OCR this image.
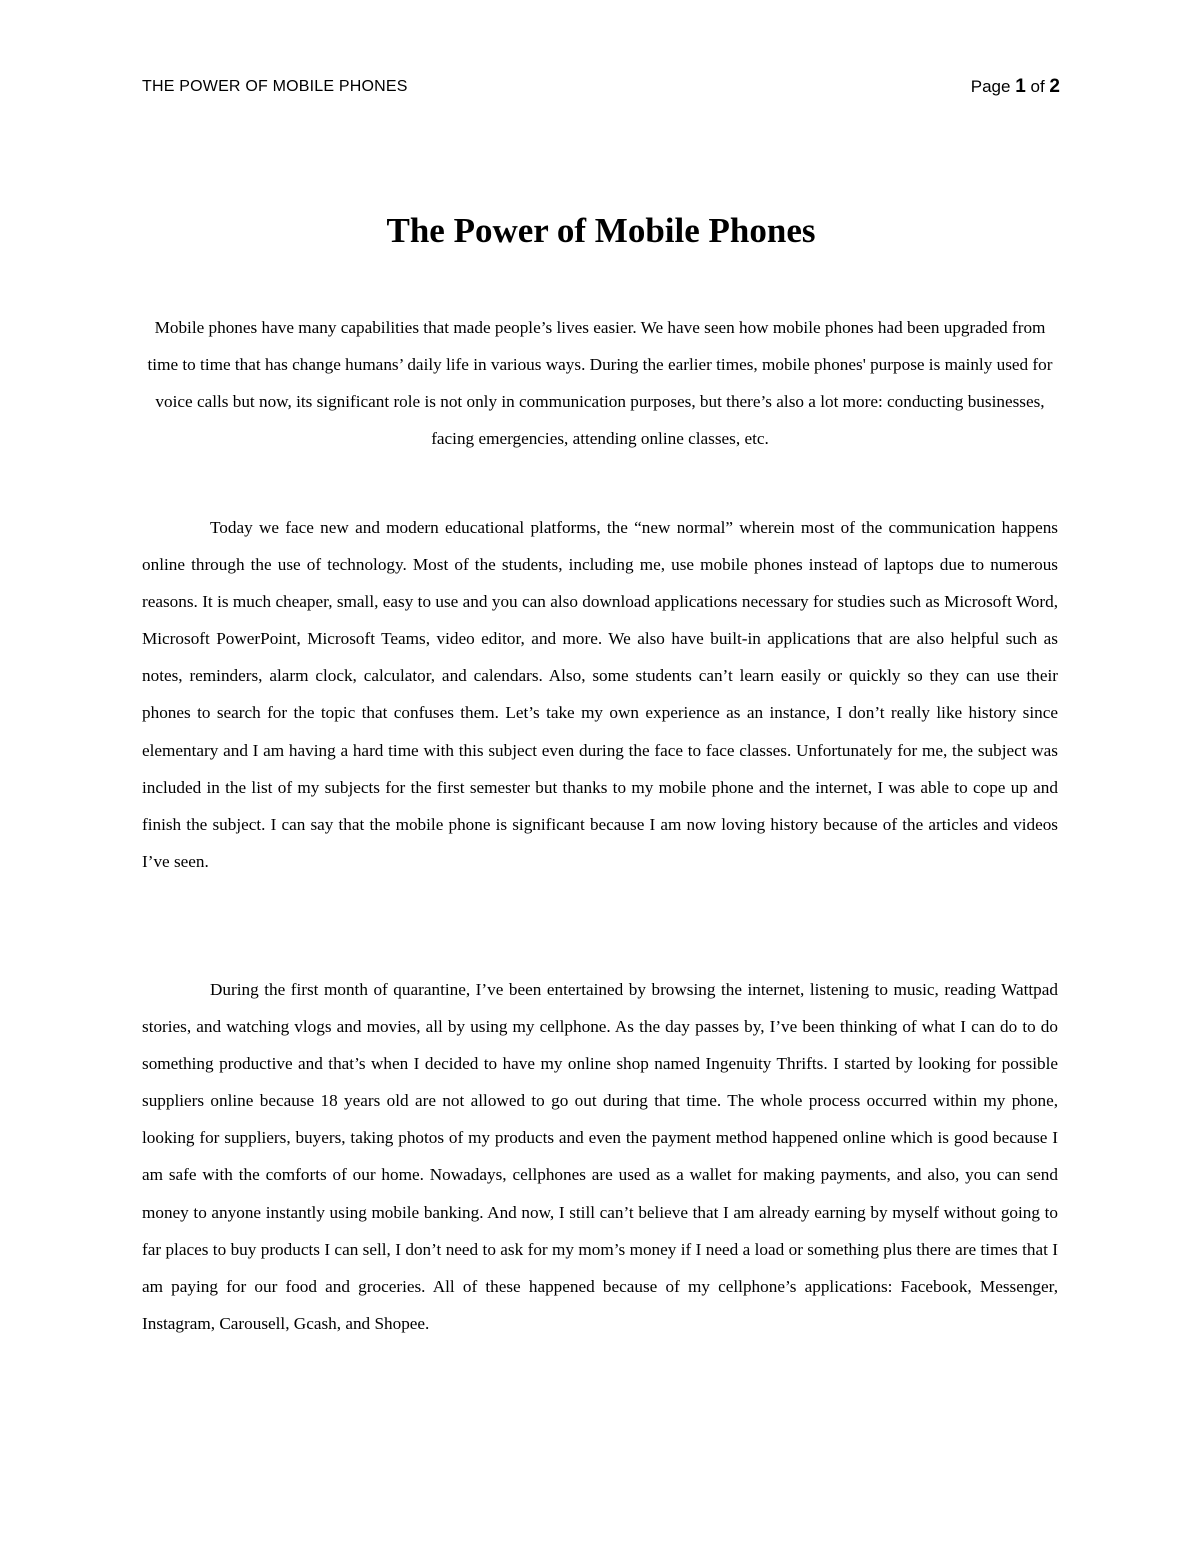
THE POWER OF MOBILE PHONES	Page 1 of 2
The Power of Mobile Phones

Mobile phones have many capabilities that made people’s lives easier. We have seen how mobile phones had been upgraded from time to time that has change humans’ daily life in various ways. During the earlier times, mobile phones' purpose is mainly used for voice calls but now, its significant role is not only in communication purposes, but there’s also a lot more: conducting businesses, facing emergencies, attending online classes, etc.

Today we face new and modern educational platforms, the “new normal” wherein most of the communication happens online through the use of technology. Most of the students, including me, use mobile phones instead of laptops due to numerous reasons. It is much cheaper, small, easy to use and you can also download applications necessary for studies such as Microsoft Word, Microsoft PowerPoint, Microsoft Teams, video editor, and more. We also have built-in applications that are also helpful such as notes, reminders, alarm clock, calculator, and calendars. Also, some students can’t learn easily or quickly so they can use their phones to search for the topic that confuses them. Let’s take my own experience as an instance, I don’t really like history since elementary and I am having a hard time with this subject even during the face to face classes. Unfortunately for me, the subject was included in the list of my subjects for the first semester but thanks to my mobile phone and the internet, I was able to cope up and finish the subject. I can say that the mobile phone is significant because I am now loving history because of the articles and videos I’ve seen.

During the first month of quarantine, I’ve been entertained by browsing the internet, listening to music, reading Wattpad stories, and watching vlogs and movies, all by using my cellphone. As the day passes by, I’ve been thinking of what I can do to do something productive and that’s when I decided to have my online shop named Ingenuity Thrifts. I started by looking for possible suppliers online because 18 years old are not allowed to go out during that time. The whole process occurred within my phone, looking for suppliers, buyers, taking photos of my products and even the payment method happened online which is good because I am safe with the comforts of our home. Nowadays, cellphones are used as a wallet for making payments, and also, you can send money to anyone instantly using mobile banking. And now, I still can’t believe that I am already earning by myself without going to far places to buy products I can sell, I don’t need to ask for my mom’s money if I need a load or something plus there are times that I am paying for our food and groceries. All of these happened because of my cellphone’s applications: Facebook, Messenger, Instagram, Carousell, Gcash, and Shopee.
